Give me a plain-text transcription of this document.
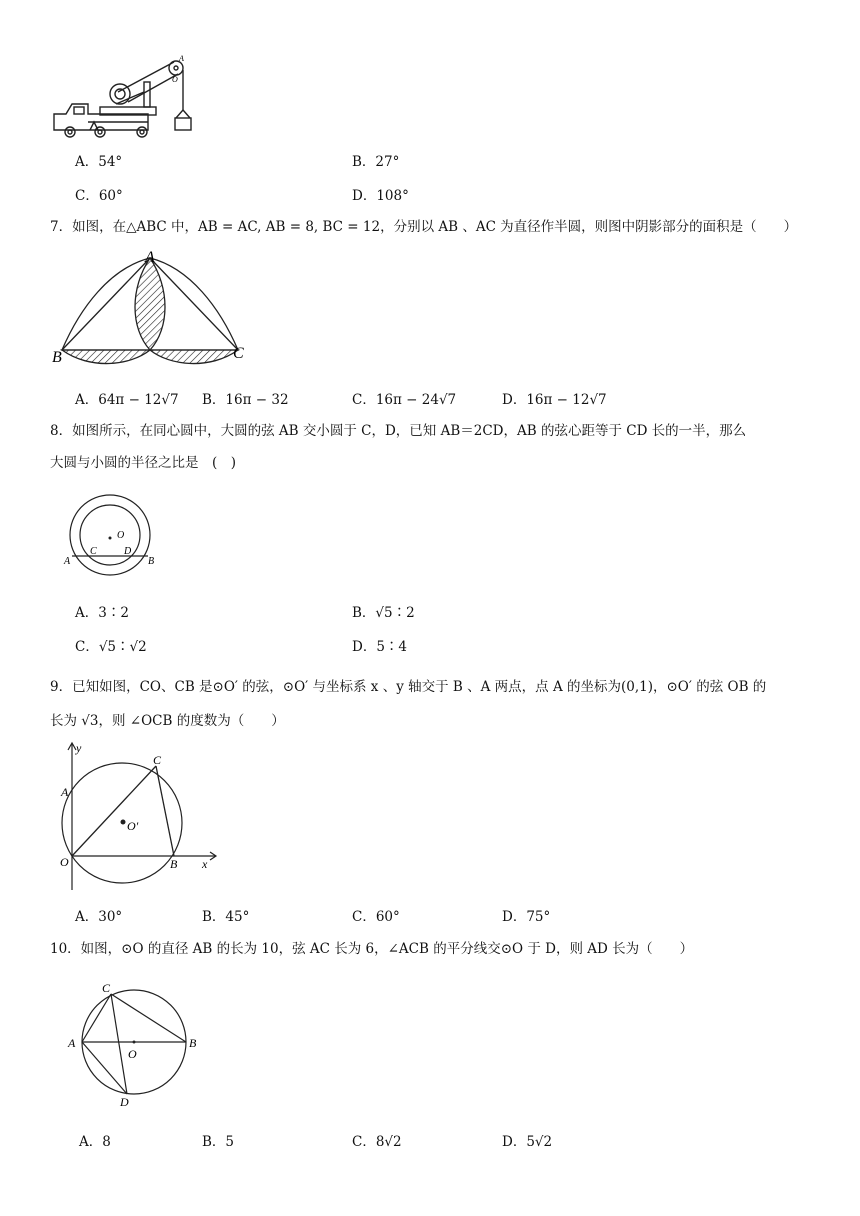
A
O
A．54°	B．27°
C．60°	D．108°
7．如图，在△ABC 中，AB = AC, AB = 8, BC = 12，分别以 AB 、AC 为直径作半圆，则图中阴影部分的面积是（　　）
A
B	C
A．64π − 12√7 B．16π − 32	C．16π − 24√7	D．16π − 12√7
8．如图所示，在同心圆中，大圆的弦 AB 交小圆于 C，D，已知 AB＝2CD，AB 的弦心距等于 CD 长的一半，那么
大圆与小圆的半径之比是　(　)
A
C
O
D
B
A．3∶2	B．√5∶2
C．√5∶√2	D．5∶4
9．已知如图，CO、CB 是⊙O′ 的弦，⊙O′ 与坐标系 x 、y 轴交于 B 、A 两点，点 A 的坐标为(0,1)，⊙O′ 的弦 OB 的
长为 √3，则 ∠OCB 的度数为（　　）
y
C
A
O′
O	B x
A．30°	B．45°	C．60°	D．75°
10．如图，⊙O 的直径 AB 的长为 10，弦 AC 长为 6，∠ACB 的平分线交⊙O 于 D，则 AD 长为（　　）
C
A
O
B
D
A．8	B．5	C．8√2	D．5√2
